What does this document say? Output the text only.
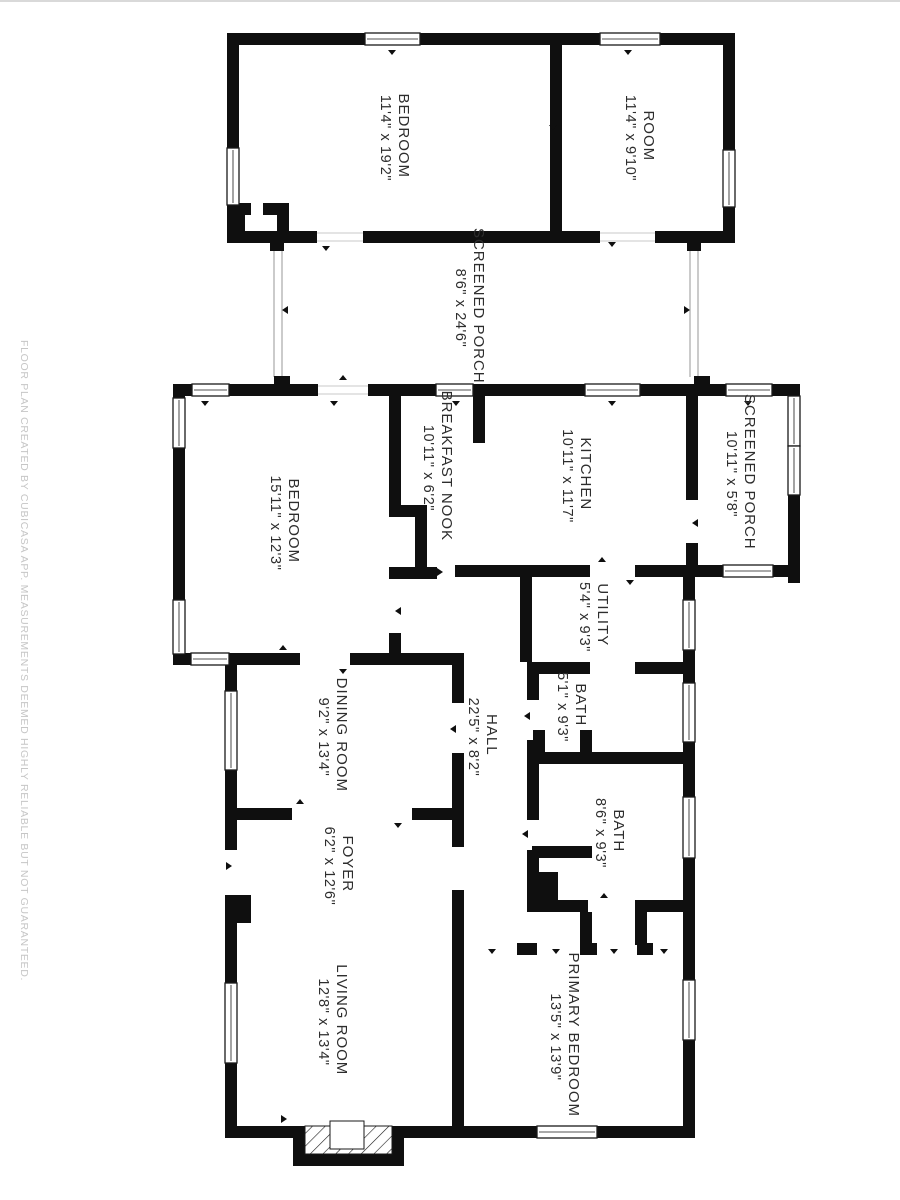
FLOOR PLAN CREATED BY CUBICASA APP. MEASUREMENTS DEEMED HIGHLY RELIABLE BUT NOT GUARANTEED.
BEDROOM 11'4" x 19'2"	ROOM 11'4" x 9'10"
SCREENED PORCH 8'6" x 24'6"
BEDROOM 15'11" x 12'3"	BREAKFAST NOOK 10'11" x 6'2"	KITCHEN 10'11" x 11'7"	SCREENED PORCH 10'11" x 5'8"
UTILITY 5'4" x 9'3"
BATH 5'1" x 9'3"
DINING ROOM 9'2" x 13'4"	HALL 22'5" x 8'2"
BATH 8'6" x 9'3"
FOYER 6'2" x 12'6"
LIVING ROOM 12'8" x 13'4"	PRIMARY BEDROOM 13'5" x 13'9"
